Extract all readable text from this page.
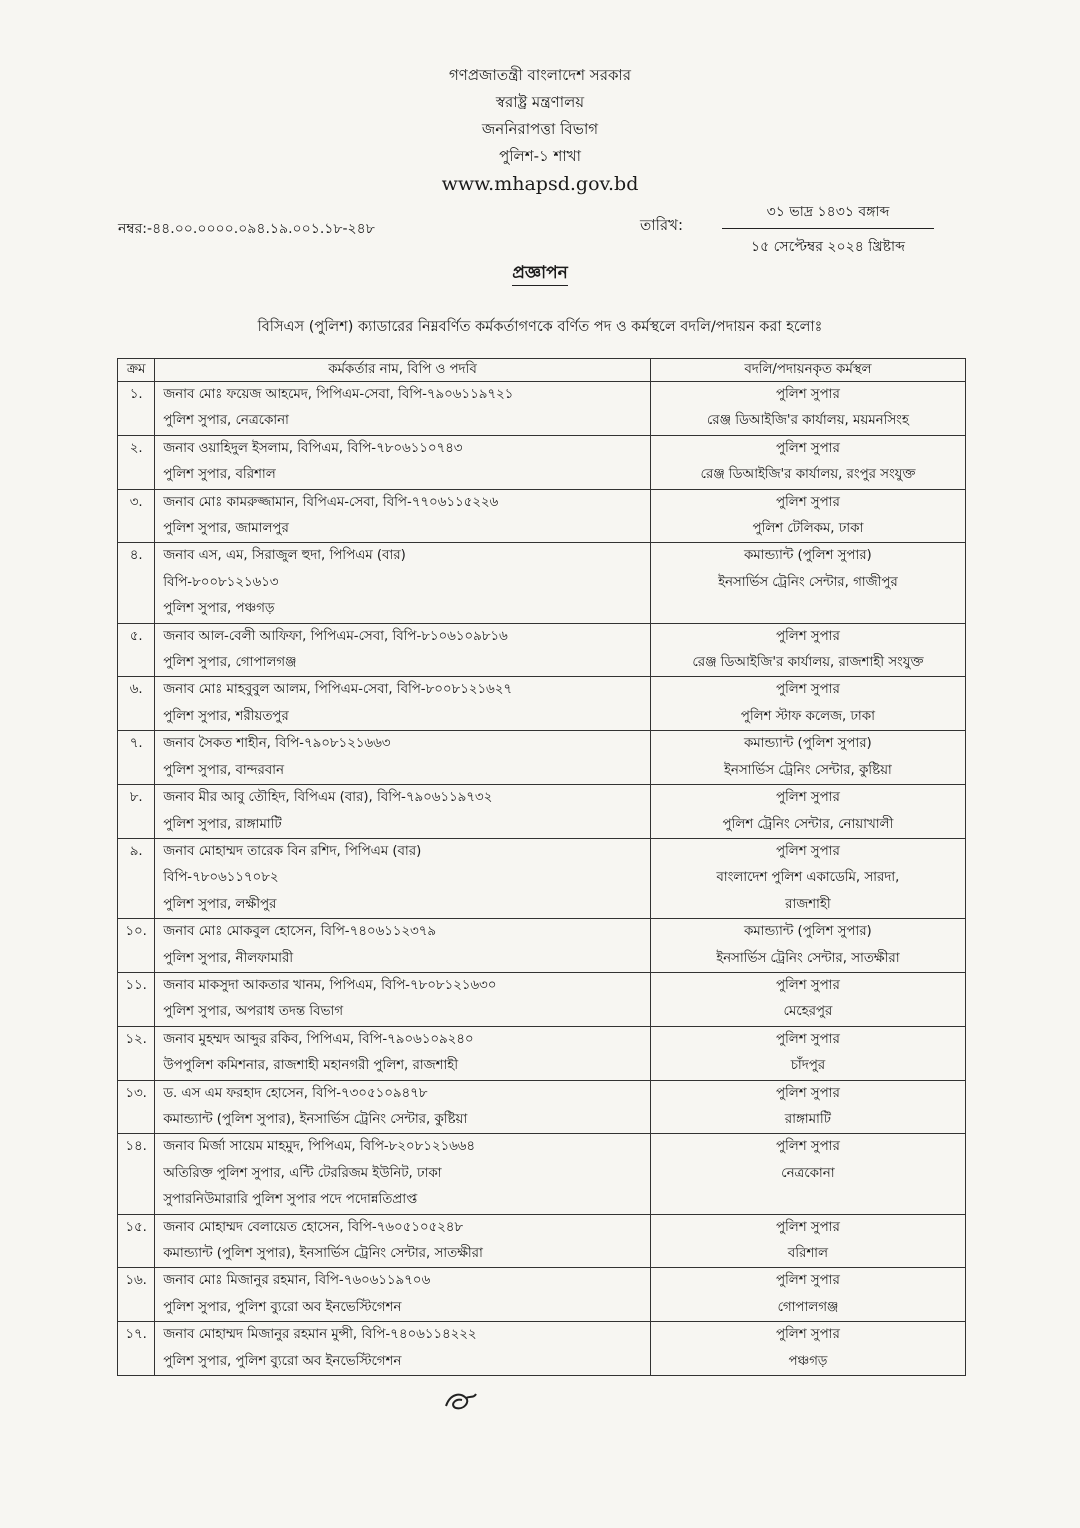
গণপ্রজাতন্ত্রী বাংলাদেশ সরকার
স্বরাষ্ট্র মন্ত্রণালয়
জননিরাপত্তা বিভাগ
পুলিশ-১ শাখা
www.mhapsd.gov.bd
নম্বর:-৪৪.০০.০০০০.০৯৪.১৯.০০১.১৮-২৪৮	তারিখ:
৩১ ভাদ্র ১৪৩১ বঙ্গাব্দ
১৫ সেপ্টেম্বর ২০২৪ খ্রিষ্টাব্দ
প্রজ্ঞাপন
বিসিএস (পুলিশ) ক্যাডারের নিম্নবর্ণিত কর্মকর্তাগণকে বর্ণিত পদ ও কর্মস্থলে বদলি/পদায়ন করা হলোঃ
ক্রম	কর্মকর্তার নাম, বিপি ও পদবি	বদলি/পদায়নকৃত কর্মস্থল
১.	জনাব মোঃ ফয়েজ আহমেদ, পিপিএম-সেবা, বিপি-৭৯০৬১১৯৭২১
পুলিশ সুপার, নেত্রকোনা	পুলিশ সুপার
রেঞ্জ ডিআইজি'র কার্যালয়, ময়মনসিংহ

২.	জনাব ওয়াহিদুল ইসলাম, বিপিএম, বিপি-৭৮০৬১১০৭৪৩
পুলিশ সুপার, বরিশাল	পুলিশ সুপার
রেঞ্জ ডিআইজি'র কার্যালয়, রংপুর সংযুক্ত

৩.	জনাব মোঃ কামরুজ্জামান, বিপিএম-সেবা, বিপি-৭৭০৬১১৫২২৬
পুলিশ সুপার, জামালপুর	পুলিশ সুপার
পুলিশ টেলিকম, ঢাকা

৪.	জনাব এস, এম, সিরাজুল হুদা, পিপিএম (বার)
বিপি-৮০০৮১২১৬১৩
পুলিশ সুপার, পঞ্চগড়	কমান্ড্যান্ট (পুলিশ সুপার)
ইনসার্ভিস ট্রেনিং সেন্টার, গাজীপুর

৫.	জনাব আল-বেলী আফিফা, পিপিএম-সেবা, বিপি-৮১০৬১০৯৮১৬
পুলিশ সুপার, গোপালগঞ্জ	পুলিশ সুপার
রেঞ্জ ডিআইজি'র কার্যালয়, রাজশাহী সংযুক্ত

৬.	জনাব মোঃ মাহবুবুল আলম, পিপিএম-সেবা, বিপি-৮০০৮১২১৬২৭
পুলিশ সুপার, শরীয়তপুর	পুলিশ সুপার
পুলিশ স্টাফ কলেজ, ঢাকা

৭.	জনাব সৈকত শাহীন, বিপি-৭৯০৮১২১৬৬৩
পুলিশ সুপার, বান্দরবান	কমান্ড্যান্ট (পুলিশ সুপার)
ইনসার্ভিস ট্রেনিং সেন্টার, কুষ্টিয়া

৮.	জনাব মীর আবু তৌহিদ, বিপিএম (বার), বিপি-৭৯০৬১১৯৭৩২
পুলিশ সুপার, রাঙ্গামাটি	পুলিশ সুপার
পুলিশ ট্রেনিং সেন্টার, নোয়াখালী

৯.	জনাব মোহাম্মদ তারেক বিন রশিদ, পিপিএম (বার)
বিপি-৭৮০৬১১৭০৮২
পুলিশ সুপার, লক্ষীপুর	পুলিশ সুপার
বাংলাদেশ পুলিশ একাডেমি, সারদা,
রাজশাহী

১০.	জনাব মোঃ মোকবুল হোসেন, বিপি-৭৪০৬১১২৩৭৯
পুলিশ সুপার, নীলফামারী	কমান্ড্যান্ট (পুলিশ সুপার)
ইনসার্ভিস ট্রেনিং সেন্টার, সাতক্ষীরা

১১.	জনাব মাকসুদা আকতার খানম, পিপিএম, বিপি-৭৮০৮১২১৬৩০
পুলিশ সুপার, অপরাধ তদন্ত বিভাগ	পুলিশ সুপার
মেহেরপুর

১২.	জনাব মুহম্মদ আব্দুর রকিব, পিপিএম, বিপি-৭৯০৬১০৯২৪০
উপপুলিশ কমিশনার, রাজশাহী মহানগরী পুলিশ, রাজশাহী	পুলিশ সুপার
চাঁদপুর

১৩.	ড. এস এম ফরহাদ হোসেন, বিপি-৭৩০৫১০৯৪৭৮
কমান্ড্যান্ট (পুলিশ সুপার), ইনসার্ভিস ট্রেনিং সেন্টার, কুষ্টিয়া	পুলিশ সুপার
রাঙ্গামাটি

১৪.	জনাব মির্জা সায়েম মাহমুদ, পিপিএম, বিপি-৮২০৮১২১৬৬৪
অতিরিক্ত পুলিশ সুপার, এন্টি টেররিজম ইউনিট, ঢাকা
সুপারনিউমারারি পুলিশ সুপার পদে পদোন্নতিপ্রাপ্ত	পুলিশ সুপার
নেত্রকোনা

১৫.	জনাব মোহাম্মদ বেলায়েত হোসেন, বিপি-৭৬০৫১০৫২৪৮
কমান্ড্যান্ট (পুলিশ সুপার), ইনসার্ভিস ট্রেনিং সেন্টার, সাতক্ষীরা	পুলিশ সুপার
বরিশাল

১৬.	জনাব মোঃ মিজানুর রহমান, বিপি-৭৬০৬১১৯৭০৬
পুলিশ সুপার, পুলিশ ব্যুরো অব ইনভেস্টিগেশন	পুলিশ সুপার
গোপালগঞ্জ

১৭.	জনাব মোহাম্মদ মিজানুর রহমান মুন্সী, বিপি-৭৪০৬১১৪২২২
পুলিশ সুপার, পুলিশ ব্যুরো অব ইনভেস্টিগেশন	পুলিশ সুপার
পঞ্চগড়
